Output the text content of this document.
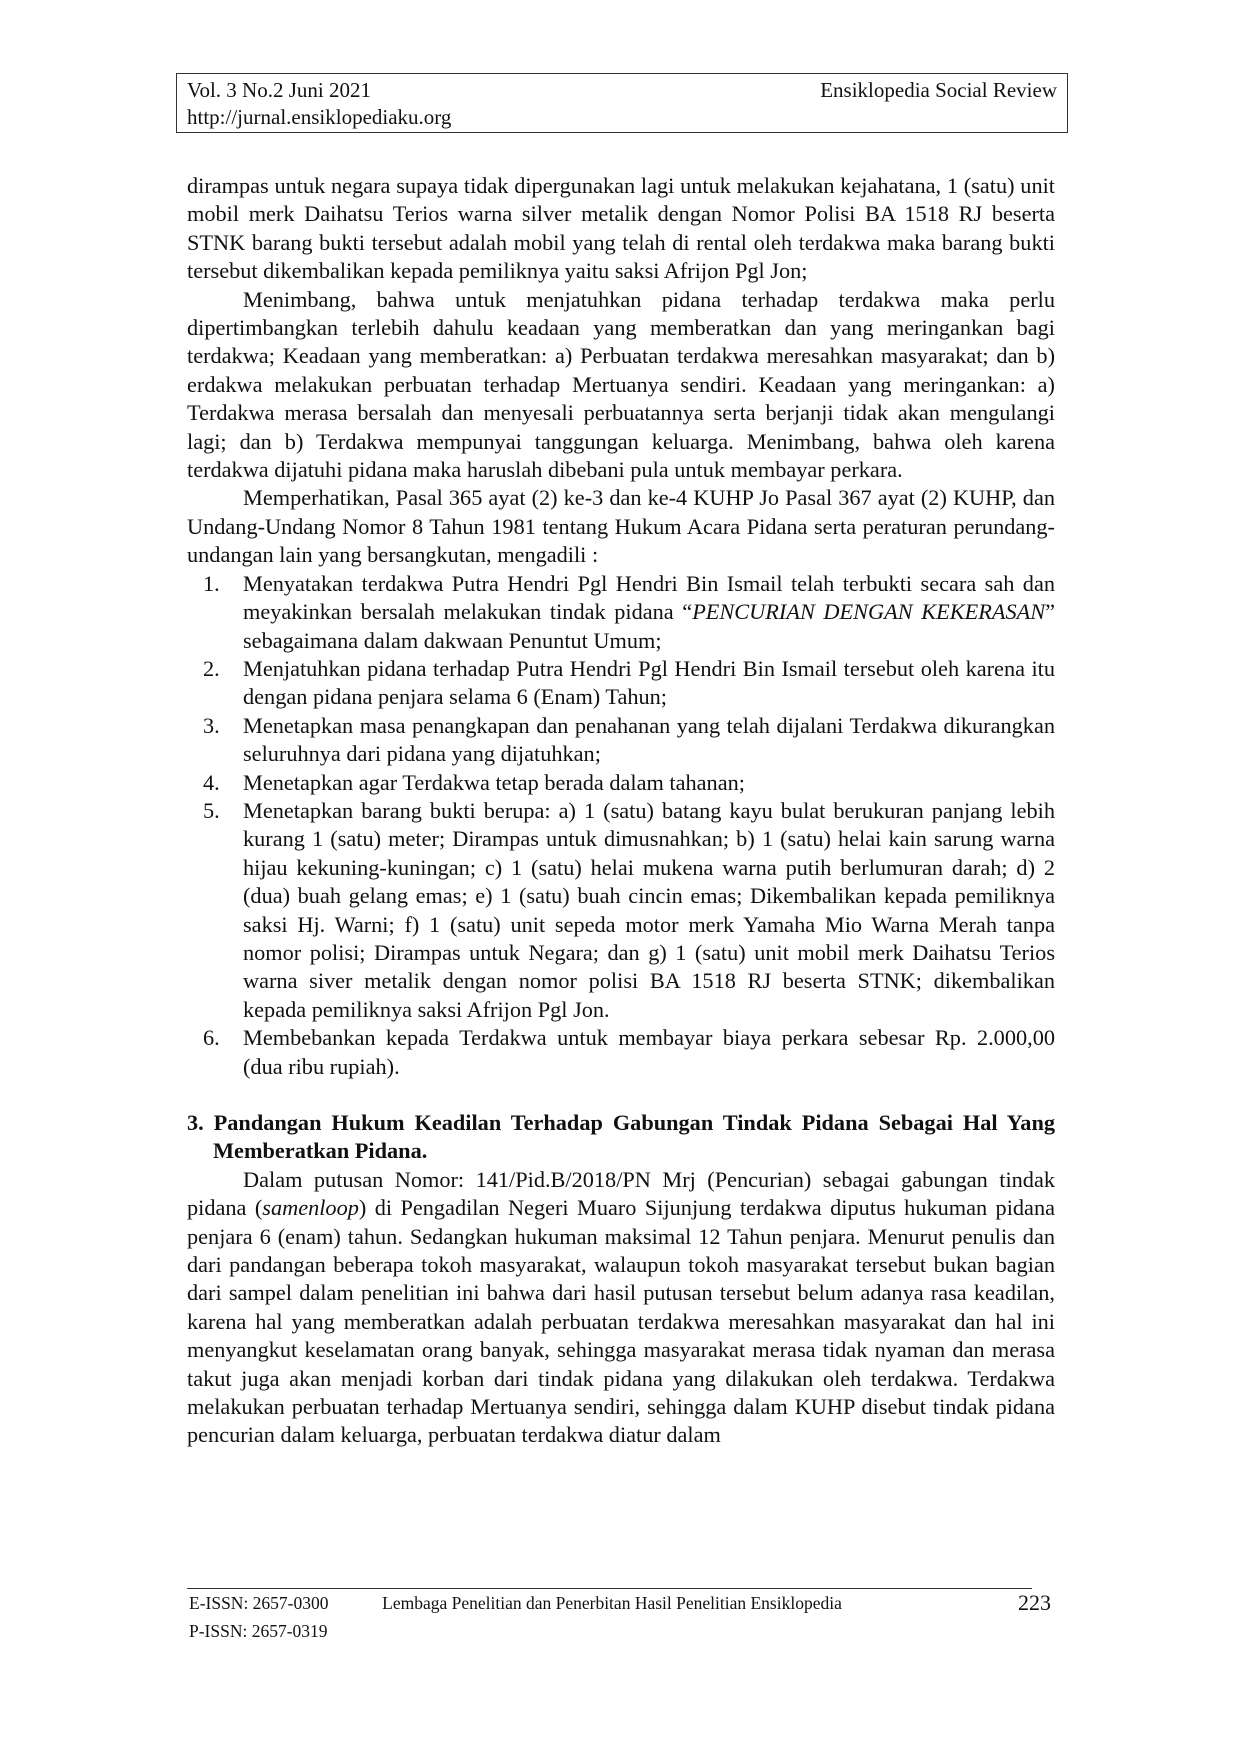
Vol. 3 No.2 Juni 2021
http://jurnal.ensiklopediaku.org
Ensiklopedia Social Review

dirampas untuk negara supaya tidak dipergunakan lagi untuk melakukan kejahatana, 1 (satu) unit mobil merk Daihatsu Terios warna silver metalik dengan Nomor Polisi BA 1518 RJ beserta STNK barang bukti tersebut adalah mobil yang telah di rental oleh terdakwa maka barang bukti tersebut dikembalikan kepada pemiliknya yaitu saksi Afrijon Pgl Jon;

Menimbang, bahwa untuk menjatuhkan pidana terhadap terdakwa maka perlu dipertimbangkan terlebih dahulu keadaan yang memberatkan dan yang meringankan bagi terdakwa; Keadaan yang memberatkan: a) Perbuatan terdakwa meresahkan masyarakat; dan b) erdakwa melakukan perbuatan terhadap Mertuanya sendiri. Keadaan yang meringankan: a) Terdakwa merasa bersalah dan menyesali perbuatannya serta berjanji tidak akan mengulangi lagi; dan b) Terdakwa mempunyai tanggungan keluarga. Menimbang, bahwa oleh karena terdakwa dijatuhi pidana maka haruslah dibebani pula untuk membayar perkara.

Memperhatikan, Pasal 365 ayat (2) ke-3 dan ke-4 KUHP Jo Pasal 367 ayat (2) KUHP, dan Undang-Undang Nomor 8 Tahun 1981 tentang Hukum Acara Pidana serta peraturan perundang-undangan lain yang bersangkutan, mengadili :

1. Menyatakan terdakwa Putra Hendri Pgl Hendri Bin Ismail telah terbukti secara sah dan meyakinkan bersalah melakukan tindak pidana “PENCURIAN DENGAN KEKERASAN” sebagaimana dalam dakwaan Penuntut Umum;
2. Menjatuhkan pidana terhadap Putra Hendri Pgl Hendri Bin Ismail tersebut oleh karena itu dengan pidana penjara selama 6 (Enam) Tahun;
3. Menetapkan masa penangkapan dan penahanan yang telah dijalani Terdakwa dikurangkan seluruhnya dari pidana yang dijatuhkan;
4. Menetapkan agar Terdakwa tetap berada dalam tahanan;
5. Menetapkan barang bukti berupa: a) 1 (satu) batang kayu bulat berukuran panjang lebih kurang 1 (satu) meter; Dirampas untuk dimusnahkan; b) 1 (satu) helai kain sarung warna hijau kekuning-kuningan; c) 1 (satu) helai mukena warna putih berlumuran darah; d) 2 (dua) buah gelang emas; e) 1 (satu) buah cincin emas; Dikembalikan kepada pemiliknya saksi Hj. Warni; f) 1 (satu) unit sepeda motor merk Yamaha Mio Warna Merah tanpa nomor polisi; Dirampas untuk Negara; dan g) 1 (satu) unit mobil merk Daihatsu Terios warna siver metalik dengan nomor polisi BA 1518 RJ beserta STNK; dikembalikan kepada pemiliknya saksi Afrijon Pgl Jon.
6. Membebankan kepada Terdakwa untuk membayar biaya perkara sebesar Rp. 2.000,00 (dua ribu rupiah).

3. Pandangan Hukum Keadilan Terhadap Gabungan Tindak Pidana Sebagai Hal Yang Memberatkan Pidana.

Dalam putusan Nomor: 141/Pid.B/2018/PN Mrj (Pencurian) sebagai gabungan tindak pidana (samenloop) di Pengadilan Negeri Muaro Sijunjung terdakwa diputus hukuman pidana penjara 6 (enam) tahun. Sedangkan hukuman maksimal 12 Tahun penjara. Menurut penulis dan dari pandangan beberapa tokoh masyarakat, walaupun tokoh masyarakat tersebut bukan bagian dari sampel dalam penelitian ini bahwa dari hasil putusan tersebut belum adanya rasa keadilan, karena hal yang memberatkan adalah perbuatan terdakwa meresahkan masyarakat dan hal ini menyangkut keselamatan orang banyak, sehingga masyarakat merasa tidak nyaman dan merasa takut juga akan menjadi korban dari tindak pidana yang dilakukan oleh terdakwa. Terdakwa melakukan perbuatan terhadap Mertuanya sendiri, sehingga dalam KUHP disebut tindak pidana pencurian dalam keluarga, perbuatan terdakwa diatur dalam

E-ISSN: 2657-0300	Lembaga Penelitian dan Penerbitan Hasil Penelitian Ensiklopedia	223
P-ISSN: 2657-0319
